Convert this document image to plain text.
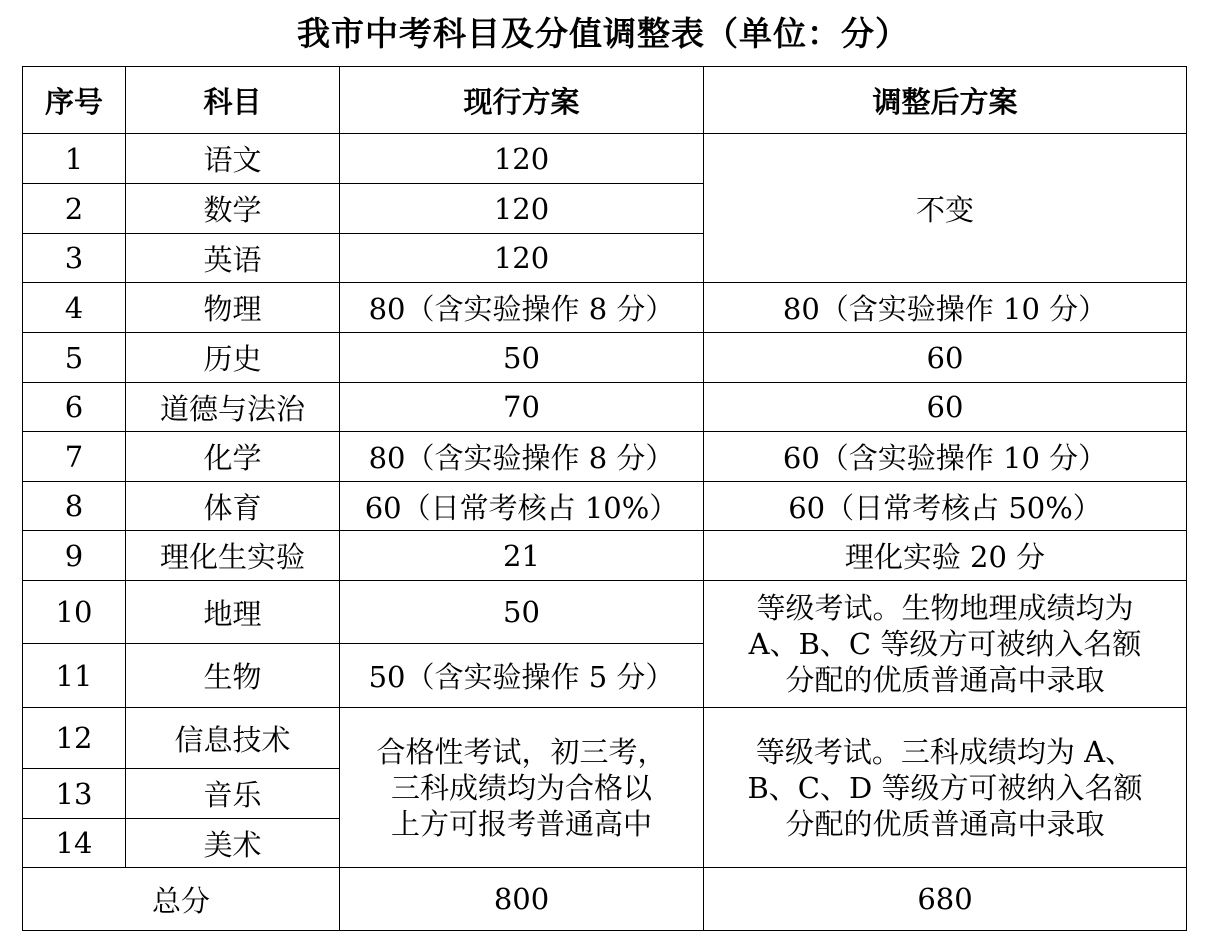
我市中考科目及分值调整表（单位：分）
序号	科目	现行方案	调整后方案
1	语文	120	不变
2	数学	120	
3	英语	120	
4	物理	80（含实验操作 8 分）	80（含实验操作 10 分）
5	历史	50	60
6	道德与法治	70	60
7	化学	80（含实验操作 8 分）	60（含实验操作 10 分）
8	体育	60（日常考核占 10%）	60（日常考核占 50%）
9	理化生实验	21	理化实验 20 分
10	地理	50	等级考试。生物地理成绩均为
A、B、C 等级方可被纳入名额
分配的优质普通高中录取

11	生物	50（含实验操作 5 分）	
12	信息技术	合格性考试，初三考，
三科成绩均为合格以
上方可报考普通高中	等级考试。三科成绩均为 A、
B、C、D 等级方可被纳入名额
分配的优质普通高中录取

13	音乐		
14	美术		
总分		800	680
